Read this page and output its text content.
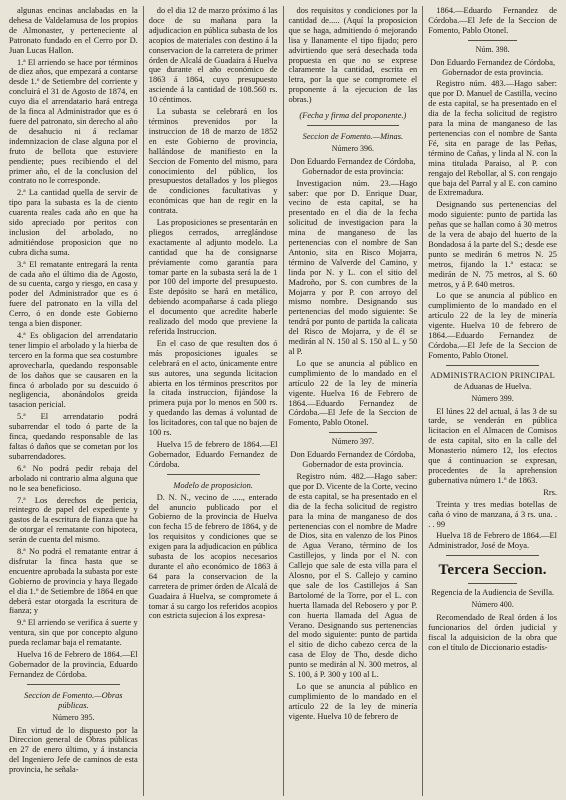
algunas encinas anclabadas en la dehesa de Valdelamusa de los propios de Almonaster, y perteneciente al Patronato fundado en el Cerro por D. Juan Lucas Hallon.

1.ª El arriendo se hace por términos de diez años, que empezará a contarse desde 1.º de Setiembre del corriente y concluirá el 31 de Agosto de 1874, en cuyo dia el arrendatario hará entrega de la finca al Administrador que es ó fuere del patronato, sin derecho al año de desahucio ni á reclamar indemnizacion de clase alguna por el fruto de bellota que estuviere pendiente; pues recibiendo el del primer año, el de la conclusion del contrato no le corresponde.

2.ª La cantidad quella de servir de tipo para la subasta es la de ciento cuarenta reales cada año en que ha sido apreciado por peritos con inclusion del arbolado, no admitiéndose proposicion que no cubra dicha suma.

3.ª El rematante entregará la renta de cada año el último dia de Agosto, de su cuenta, cargo y riesgo, en casa y poder del Administrador que es ó fuere del patronato en la villa del Cerro, ó en donde este Gobierno tenga a bien disponer.

4.ª Es obligacion del arrendatario tener limpio el arbolado y la hierba de tercero en la forma que sea costumbre aprovecharla, quedando responsable de los daños que se causaren en la finca ó arbolado por su descuido ó negligencia, abonándolos greida tasacion pericial.

5.ª El arrendatario podrá subarrendar el todo ó parte de la finca, quedando responsable de las faltas ó daños que se cometan por los subarrendadores.

6.ª No podrá pedir rebaja del arbolado ni contrario alma alguna que no le sea beneficioso.

7.ª Los derechos de pericia, reintegro de papel del expediente y gastos de la escritura de fianza que ha de otorgar el rematante con hipoteca, serán de cuenta del mismo.

8.ª No podrá el rematante entrar á disfrutar la finca hasta que se encuentre aprobada la subasta por este Gobierno de provincia y haya llegado el dia 1.º de Setiembre de 1864 en que deberá estar otorgada la escritura de fianza; y

9.ª El arriendo se verifica á suerte y ventura, sin que por concepto alguno pueda reclamar baja el rematante.

Huelva 16 de Febrero de 1864.—El Gobernador de la provincia, Eduardo Fernandez de Córdoba.

Seccion de Fomento.—Obras públicas.

Número 395.

En virtud de lo dispuesto por la Direccion general de Obras públicas en 27 de enero último, y á instancia del Ingeniero Jefe de caminos de esta provincia, he señala-

do el dia 12 de marzo próximo á las doce de su mañana para la adjudicacion en pública subasta de los acopios de materiales con destino á la conservacion de la carretera de primer órden de Alcalá de Guadaira á Huelva que durante el año económico de 1863 á 1864, cuyo presupuesto asciende á la cantidad de 108.560 rs. 10 céntimos.

La subasta se celebrará en los términos prevenidos por la instruccion de 18 de marzo de 1852 en este Gobierno de provincia, hallándose de manifiesto en la Seccion de Fomento del mismo, para conocimiento del público, los presupuestos detallados y los pliegos de condiciones facultativas y económicas que han de regir en la contrata.

Las proposiciones se presentarán en pliegos cerrados, arreglándose exactamente al adjunto modelo. La cantidad que ha de consignarse préviamente como garantía para tomar parte en la subasta será la de 1 por 100 del importe del presupuesto. Este depósito se hará en metálico, debiendo acompañarse á cada pliego el documento que acredite haberle realizado del modo que previene la referida Instruccion.

En el caso de que resulten dos ó más proposiciones iguales se celebrará en el acto, únicamente entre sus autores, una segunda licitacion abierta en los términos prescritos por la citada instruccion, fijándose la primera puja por lo menos en 500 rs. y quedando las demas á voluntad de los licitadores, con tal que no bajen de 100 rs.

Huelva 15 de febrero de 1864.—El Gobernador, Eduardo Fernandez de Córdoba.

Modelo de proposicion.

D. N. N., vecino de ....., enterado del anuncio publicado por el Gobierno de la provincia de Huelva con fecha 15 de febrero de 1864, y de los requisitos y condiciones que se exigen para la adjudicacion en pública subasta de los acopios necesarios durante el año económico de 1863 á 64 para la conservacion de la carretera de primer órden de Alcalá de Guadaira á Huelva, se compromete á tomar á su cargo los referidos acopios con estricta sujecion á los expresa-

dos requisitos y condiciones por la cantidad de..... (Aquí la proposicion que se haga, admitiendo ó mejorando lisa y llanamente el tipo fijado; pero advirtiendo que será desechada toda propuesta en que no se exprese claramente la cantidad, escrita en letra, por la que se compromete el proponente á la ejecucion de las obras.)

(Fecha y firma del proponente.)

Seccion de Fomento.—Minas.

Número 396.

Don Eduardo Fernandez de Córdoba, Gobernador de esta provincia:

Investigacion núm. 23.—Hago saber: que por D. Enrique Duar, vecino de esta capital, se ha presentado en el dia de la fecha solicitud de investigacion para la mina de manganeso de las pertenencias con el nombre de San Antonio, sita en Risco Mojarra, término de Valverde del Camino, y linda por N. y L. con el sitio del Madroño, por S. con cumbres de la Mojarra y por P. con arroyo del mismo nombre. Designando sus pertenencias del modo siguiente: Se tendrá por punto de partida la calicata del Risco de Mojarra, y de él se medirán al N. 150 al S. 150 al L. y 50 al P.

Lo que se anuncia al público en cumplimiento de lo mandado en el artículo 22 de la ley de minería vigente. Huelva 16 de Febrero de 1864.—Eduardo Fernandez de Córdoba.—El Jefe de la Seccion de Fomento, Pablo Otonel.

Número 397.

Don Eduardo Fernandez de Córdoba, Gobernador de esta provincia.

Registro núm. 482.—Hago saber: que por D. Vicente de la Corte, vecino de esta capital, se ha presentado en el dia de la fecha solicitud de registro para la mina de manganeso de dos pertenencias con el nombre de Madre de Dios, sita en valenzo de los Pinos de Agua Verano, término de los Castillejos, y linda por el N. con Callejo que sale de esta villa para el Alosno, por el S. Callejo y camino que sale de los Castillejos á San Bartolomé de la Torre, por el L. con huerta llamada del Rebosero y por P. con huerta llamada del Agua de Verano. Designando sus pertenencias del modo siguiente: punto de partida el sitio de dicho cabezo cerca de la casa de Eloy de Tho, desde dicho punto se medirán al N. 300 metros, al S. 100, á P. 300 y 100 al L.

Lo que se anuncia al público en cumplimiento de lo mandado en el artículo 22 de la ley de minería vigente. Huelva 10 de febrero de

1864.—Eduardo Fernandez de Córdoba.—El Jefe de la Seccion de Fomento, Pablo Otonel.

Núm. 398.

Don Eduardo Fernandez de Córdoba, Gobernador de esta provincia.

Registro núm. 483.—Hago saber: que por D. Manuel de Castilla, vecino de esta capital, se ha presentado en el dia de la fecha solicitud de registro para la mina de manganeso de las pertenencias con el nombre de Santa Fé, sita en parage de las Peñas, término de Cañas, y linda al N. con la mina titulada Paraiso, al P. con rengajo del Rebollar, al S. con rengajo que baja del Parral y al E. con camino de Extremadura.

Designando sus pertenencias del modo siguiente: punto de partida las peñas que se hallan como á 30 metros de la vera de abajo del huerto de la Bondadosa á la parte del S.; desde ese punto se medirán 6 metros N. 25 metros, fijando la 1.ª estaca: se medirán de N. 75 metros, al S. 60 metros, y á P. 640 metros.

Lo que se anuncia al público en cumplimiento de lo mandado en el artículo 22 de la ley de minería vigente. Huelva 10 de febrero de 1864.—Eduardo Fernandez de Córdoba.—El Jefe de la Seccion de Fomento, Pablo Otonel.

ADMINISTRACION PRINCIPAL

de Aduanas de Huelva.

Número 399.

El lúnes 22 del actual, á las 3 de su tarde, se venderán en pública licitacion en el Almacen de Comisos de esta capital, sito en la calle del Monasterio número 12, los efectos que á continuacion se expresan, procedentes de la aprehension gubernativa número 1.º de 1863.

Rrs.

Treinta y tres medias botellas de caña ó vino de manzana, á 3 rs. una. . . . 99

Huelva 18 de Febrero de 1864.—El Administrador, José de Moya.

Tercera Seccion.

Regencia de la Audiencia de Sevilla.

Número 400.

Recomendado de Real órden á los funcionarios del órden judicial y fiscal la adquisicion de la obra que con el título de Diccionario estadís-
